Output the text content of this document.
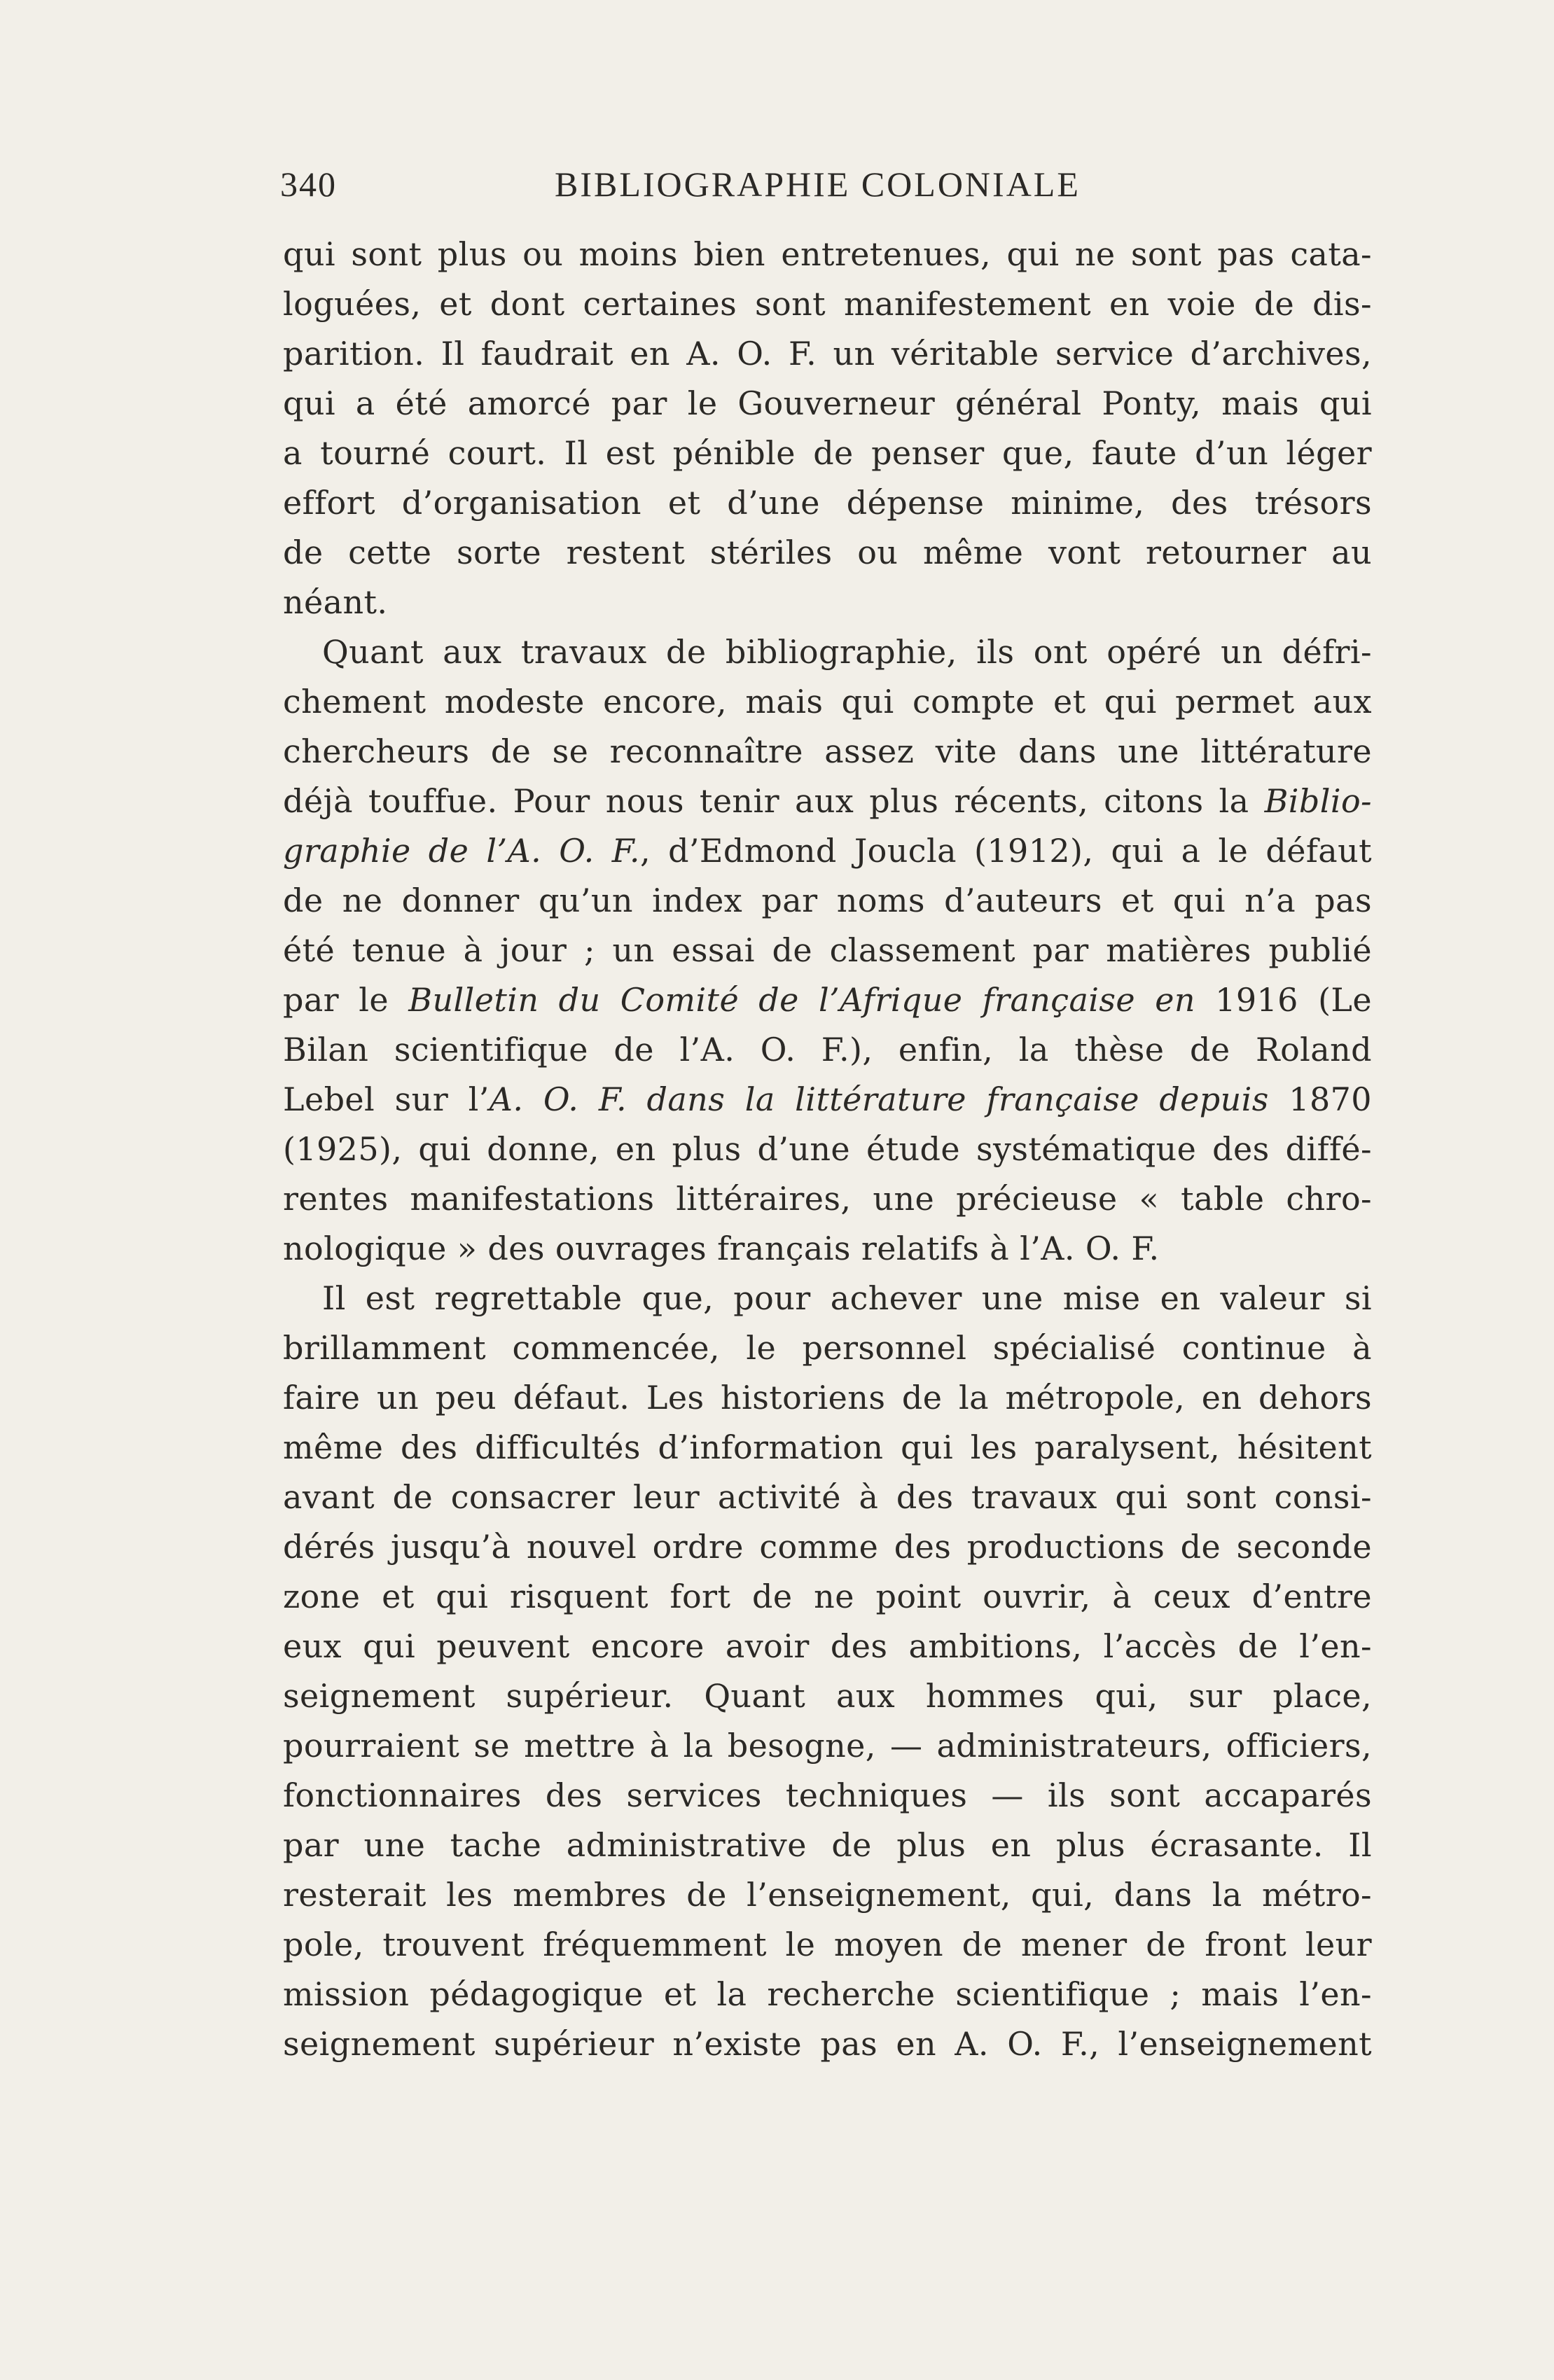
340	BIBLIOGRAPHIE COLONIALE
qui sont plus ou moins bien entretenues, qui ne sont pas cata-
loguées, et dont certaines sont manifestement en voie de dis-
parition. Il faudrait en A. O. F. un véritable service d’archives,
qui a été amorcé par le Gouverneur général Ponty, mais qui
a tourné court. Il est pénible de penser que, faute d’un léger
effort d’organisation et d’une dépense minime, des trésors
de cette sorte restent stériles ou même vont retourner au
néant.
Quant aux travaux de bibliographie, ils ont opéré un défri-
chement modeste encore, mais qui compte et qui permet aux
chercheurs de se reconnaître assez vite dans une littérature
déjà touffue. Pour nous tenir aux plus récents, citons la Biblio-
graphie de l’A. O. F., d’Edmond Joucla (1912), qui a le défaut
de ne donner qu’un index par noms d’auteurs et qui n’a pas
été tenue à jour ; un essai de classement par matières publié
par le Bulletin du Comité de l’Afrique française en 1916 (Le
Bilan scientifique de l’A. O. F.), enfin, la thèse de Roland
Lebel sur l’A. O. F. dans la littérature française depuis 1870
(1925), qui donne, en plus d’une étude systématique des diffé-
rentes manifestations littéraires, une précieuse « table chro-
nologique » des ouvrages français relatifs à l’A. O. F.
Il est regrettable que, pour achever une mise en valeur si
brillamment commencée, le personnel spécialisé continue à
faire un peu défaut. Les historiens de la métropole, en dehors
même des difficultés d’information qui les paralysent, hésitent
avant de consacrer leur activité à des travaux qui sont consi-
dérés jusqu’à nouvel ordre comme des productions de seconde
zone et qui risquent fort de ne point ouvrir, à ceux d’entre
eux qui peuvent encore avoir des ambitions, l’accès de l’en-
seignement supérieur. Quant aux hommes qui, sur place,
pourraient se mettre à la besogne, — administrateurs, officiers,
fonctionnaires des services techniques — ils sont accaparés
par une tache administrative de plus en plus écrasante. Il
resterait les membres de l’enseignement, qui, dans la métro-
pole, trouvent fréquemment le moyen de mener de front leur
mission pédagogique et la recherche scientifique ; mais l’en-
seignement supérieur n’existe pas en A. O. F., l’enseignement
